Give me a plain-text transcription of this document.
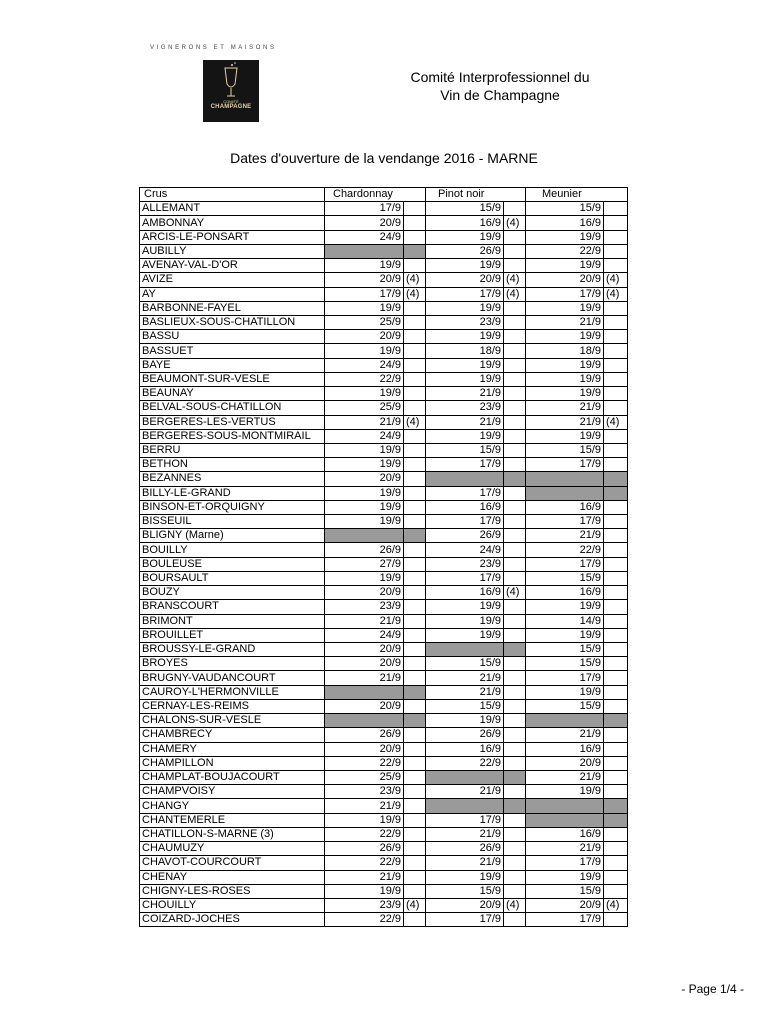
VIGNERONS ET MAISONS
COMITÉ
CHAMPAGNE
Comité Interprofessionnel du
Vin de Champagne
Dates d'ouverture de la vendange 2016 - MARNE
Crus	Chardonnay		Pinot noir		Meunier	
ALLEMANT	17/9		15/9		15/9	
AMBONNAY	20/9		16/9	(4)	16/9	
ARCIS-LE-PONSART	24/9		19/9		19/9	
AUBILLY			26/9		22/9	
AVENAY-VAL-D'OR	19/9		19/9		19/9	
AVIZE	20/9	(4)	20/9	(4)	20/9	(4)
AY	17/9	(4)	17/9	(4)	17/9	(4)
BARBONNE-FAYEL	19/9		19/9		19/9	
BASLIEUX-SOUS-CHATILLON	25/9		23/9		21/9	
BASSU	20/9		19/9		19/9	
BASSUET	19/9		18/9		18/9	
BAYE	24/9		19/9		19/9	
BEAUMONT-SUR-VESLE	22/9		19/9		19/9	
BEAUNAY	19/9		21/9		19/9	
BELVAL-SOUS-CHATILLON	25/9		23/9		21/9	
BERGERES-LES-VERTUS	21/9	(4)	21/9		21/9	(4)
BERGERES-SOUS-MONTMIRAIL	24/9		19/9		19/9	
BERRU	19/9		15/9		15/9	
BETHON	19/9		17/9		17/9	
BEZANNES	20/9					
BILLY-LE-GRAND	19/9		17/9			
BINSON-ET-ORQUIGNY	19/9		16/9		16/9	
BISSEUIL	19/9		17/9		17/9	
BLIGNY (Marne)			26/9		21/9	
BOUILLY	26/9		24/9		22/9	
BOULEUSE	27/9		23/9		17/9	
BOURSAULT	19/9		17/9		15/9	
BOUZY	20/9		16/9	(4)	16/9	
BRANSCOURT	23/9		19/9		19/9	
BRIMONT	21/9		19/9		14/9	
BROUILLET	24/9		19/9		19/9	
BROUSSY-LE-GRAND	20/9				15/9	
BROYES	20/9		15/9		15/9	
BRUGNY-VAUDANCOURT	21/9		21/9		17/9	
CAUROY-L'HERMONVILLE			21/9		19/9	
CERNAY-LES-REIMS	20/9		15/9		15/9	
CHALONS-SUR-VESLE			19/9			
CHAMBRECY	26/9		26/9		21/9	
CHAMERY	20/9		16/9		16/9	
CHAMPILLON	22/9		22/9		20/9	
CHAMPLAT-BOUJACOURT	25/9				21/9	
CHAMPVOISY	23/9		21/9		19/9	
CHANGY	21/9					
CHANTEMERLE	19/9		17/9			
CHATILLON-S-MARNE (3)	22/9		21/9		16/9	
CHAUMUZY	26/9		26/9		21/9	
CHAVOT-COURCOURT	22/9		21/9		17/9	
CHENAY	21/9		19/9		19/9	
CHIGNY-LES-ROSES	19/9		15/9		15/9	
CHOUILLY	23/9	(4)	20/9	(4)	20/9	(4)
COIZARD-JOCHES	22/9		17/9		17/9	
- Page 1/4 -
